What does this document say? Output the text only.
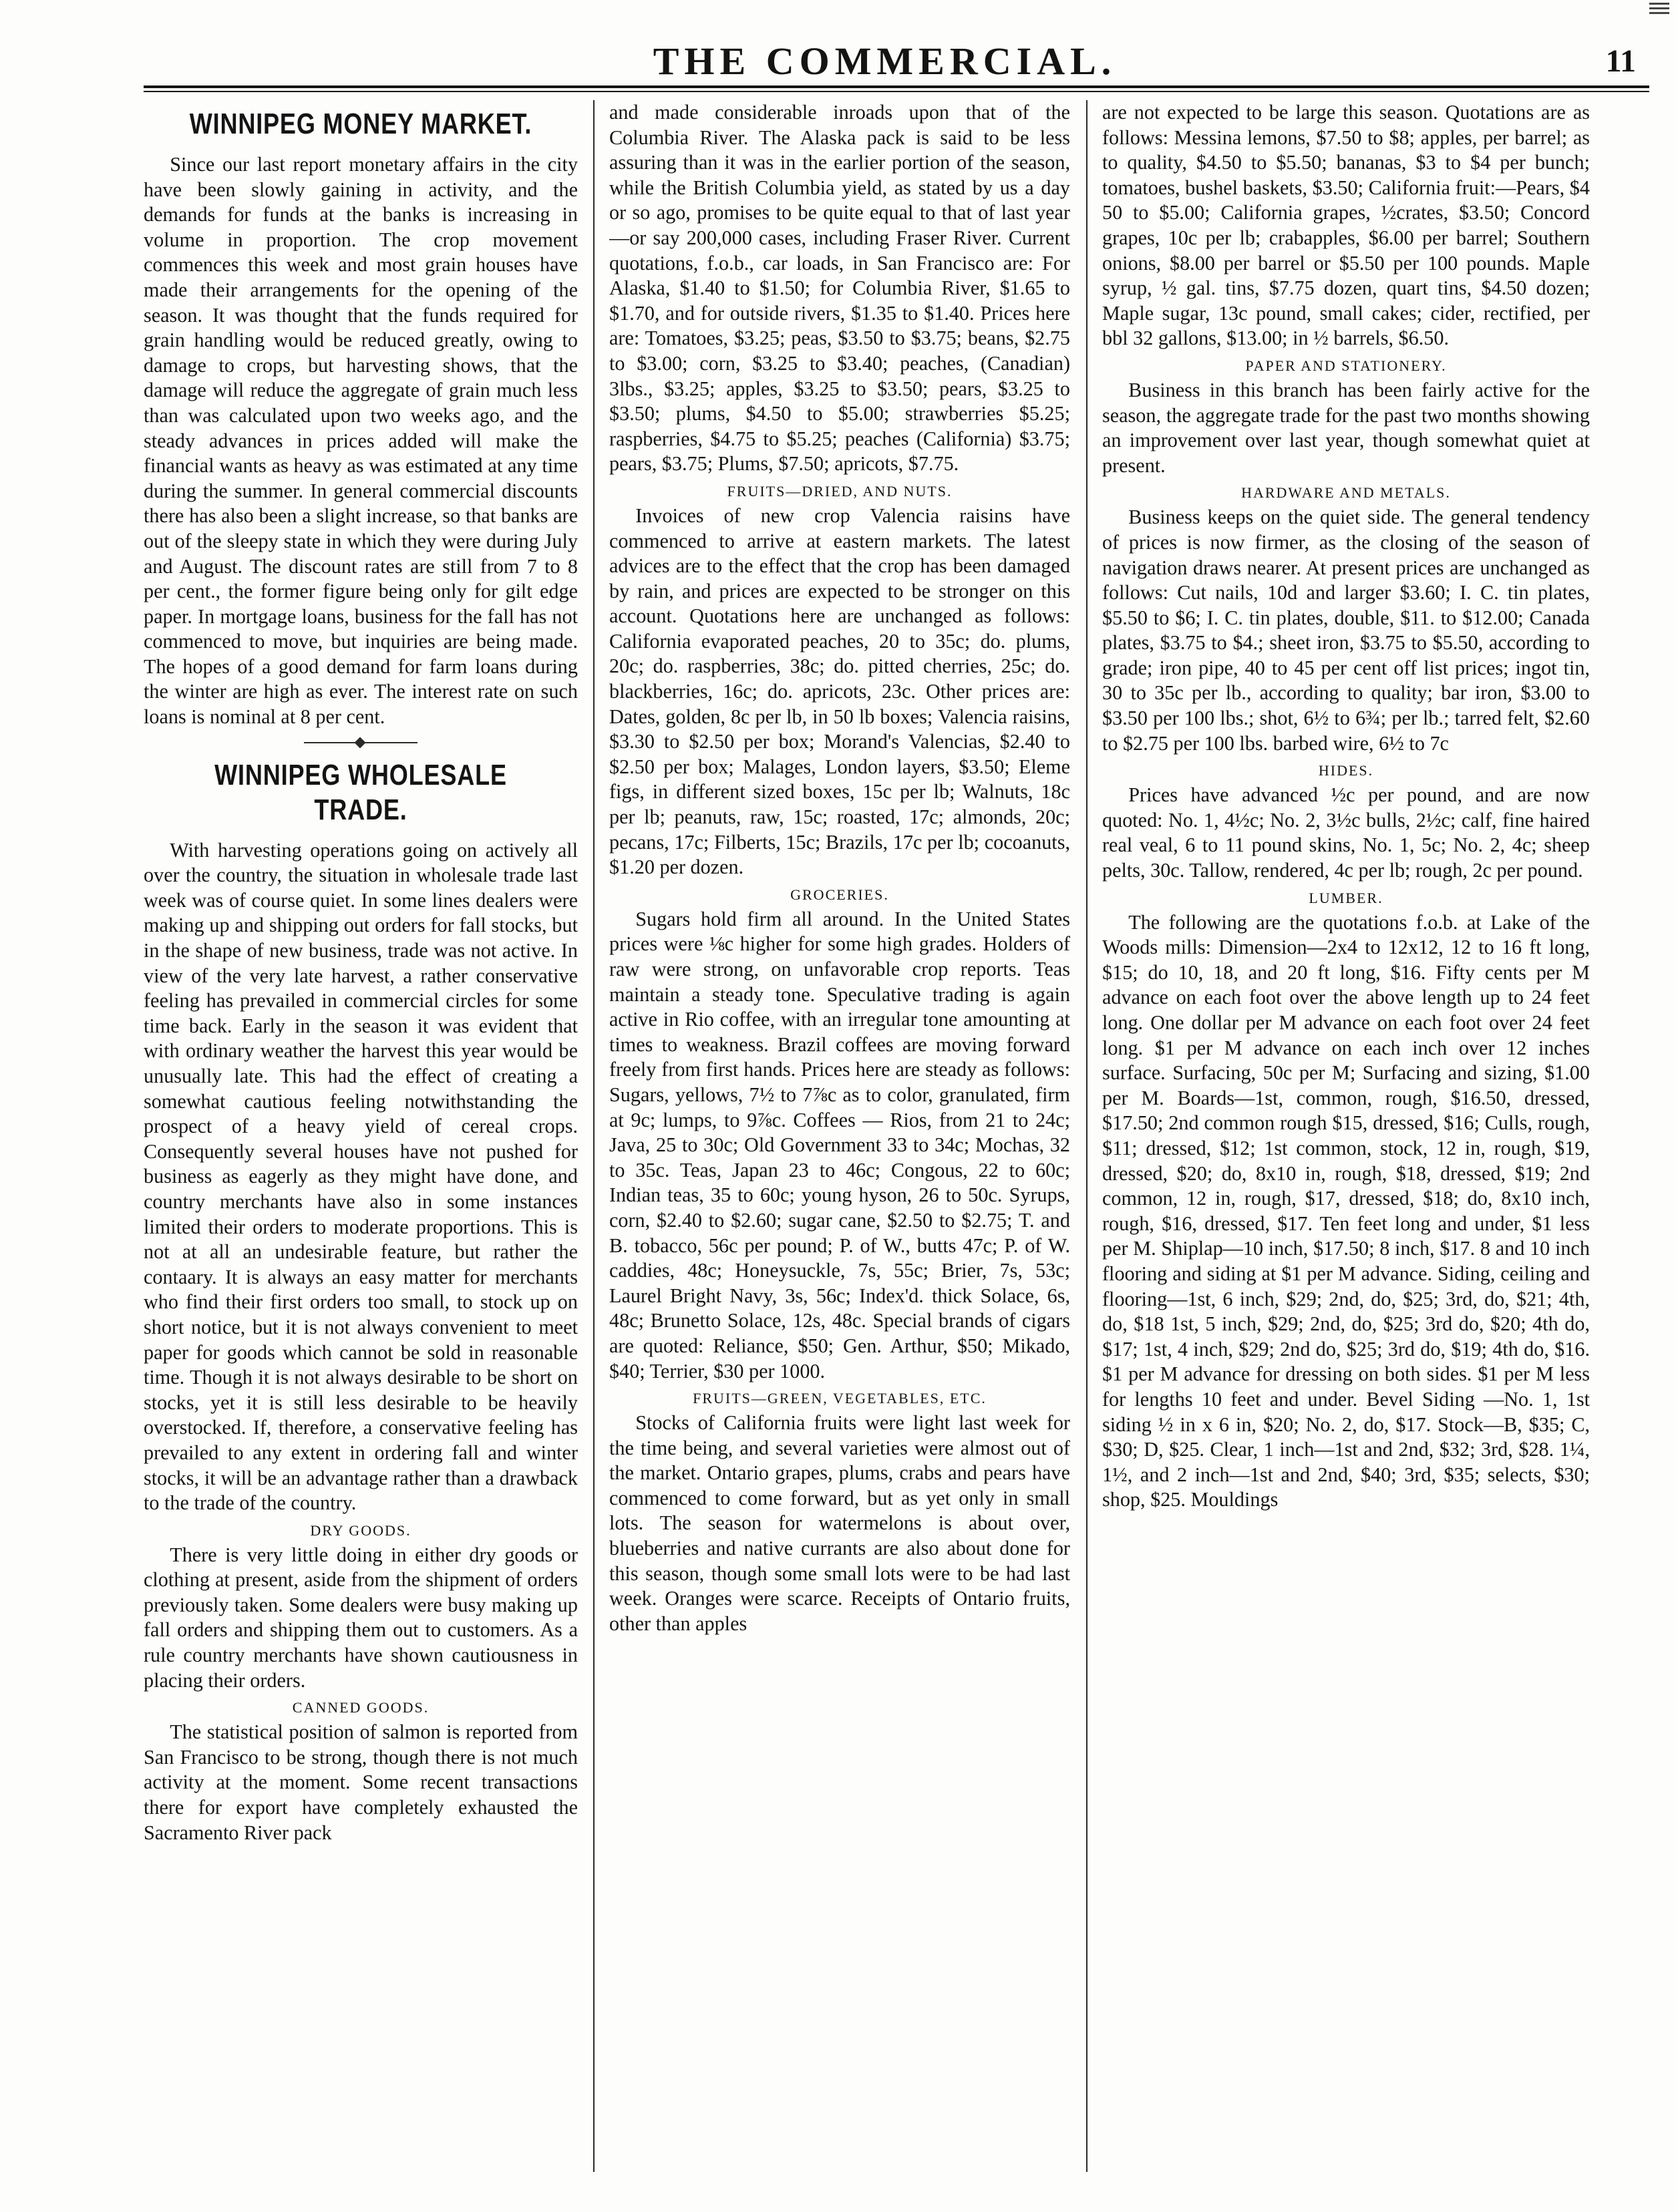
THE COMMERCIAL.	11
WINNIPEG MONEY MARKET.

Since our last report monetary affairs in the city have been slowly gaining in activity, and the demands for funds at the banks is increasing in volume in proportion. The crop movement commences this week and most grain houses have made their arrangements for the opening of the season. It was thought that the funds required for grain handling would be reduced greatly, owing to damage to crops, but harvesting shows, that the damage will reduce the aggregate of grain much less than was calculated upon two weeks ago, and the steady advances in prices added will make the financial wants as heavy as was estimated at any time during the summer. In general commercial discounts there has also been a slight increase, so that banks are out of the sleepy state in which they were during July and August. The discount rates are still from 7 to 8 per cent., the former figure being only for gilt edge paper. In mortgage loans, business for the fall has not commenced to move, but inquiries are being made. The hopes of a good demand for farm loans during the winter are high as ever. The interest rate on such loans is nominal at 8 per cent.

WINNIPEG WHOLESALE TRADE.

With harvesting operations going on actively all over the country, the situation in wholesale trade last week was of course quiet. In some lines dealers were making up and shipping out orders for fall stocks, but in the shape of new business, trade was not active. In view of the very late harvest, a rather conservative feeling has prevailed in commercial circles for some time back. Early in the season it was evident that with ordinary weather the harvest this year would be unusually late. This had the effect of creating a somewhat cautious feeling notwithstanding the prospect of a heavy yield of cereal crops. Consequently several houses have not pushed for business as eagerly as they might have done, and country merchants have also in some instances limited their orders to moderate proportions. This is not at all an undesirable feature, but rather the contaary. It is always an easy matter for merchants who find their first orders too small, to stock up on short notice, but it is not always convenient to meet paper for goods which cannot be sold in reasonable time. Though it is not always desirable to be short on stocks, yet it is still less desirable to be heavily overstocked. If, therefore, a conservative feeling has prevailed to any extent in ordering fall and winter stocks, it will be an advantage rather than a drawback to the trade of the country.

DRY GOODS.

There is very little doing in either dry goods or clothing at present, aside from the shipment of orders previously taken. Some dealers were busy making up fall orders and shipping them out to customers. As a rule country merchants have shown cautiousness in placing their orders.

CANNED GOODS.

The statistical position of salmon is reported from San Francisco to be strong, though there is not much activity at the moment. Some recent transactions there for export have completely exhausted the Sacramento River pack

and made considerable inroads upon that of the Columbia River. The Alaska pack is said to be less assuring than it was in the earlier portion of the season, while the British Columbia yield, as stated by us a day or so ago, promises to be quite equal to that of last year —or say 200,000 cases, including Fraser River. Current quotations, f.o.b., car loads, in San Francisco are: For Alaska, $1.40 to $1.50; for Columbia River, $1.65 to $1.70, and for outside rivers, $1.35 to $1.40. Prices here are: Tomatoes, $3.25; peas, $3.50 to $3.75; beans, $2.75 to $3.00; corn, $3.25 to $3.40; peaches, (Canadian) 3lbs., $3.25; apples, $3.25 to $3.50; pears, $3.25 to $3.50; plums, $4.50 to $5.00; strawberries $5.25; raspberries, $4.75 to $5.25; peaches (California) $3.75; pears, $3.75; Plums, $7.50; apricots, $7.75.

FRUITS—DRIED, AND NUTS.

Invoices of new crop Valencia raisins have commenced to arrive at eastern markets. The latest advices are to the effect that the crop has been damaged by rain, and prices are expected to be stronger on this account. Quotations here are unchanged as follows: California evaporated peaches, 20 to 35c; do. plums, 20c; do. raspberries, 38c; do. pitted cherries, 25c; do. blackberries, 16c; do. apricots, 23c. Other prices are: Dates, golden, 8c per lb, in 50 lb boxes; Valencia raisins, $3.30 to $2.50 per box; Morand's Valencias, $2.40 to $2.50 per box; Malages, London layers, $3.50; Eleme figs, in different sized boxes, 15c per lb; Walnuts, 18c per lb; peanuts, raw, 15c; roasted, 17c; almonds, 20c; pecans, 17c; Filberts, 15c; Brazils, 17c per lb; cocoanuts, $1.20 per dozen.

GROCERIES.

Sugars hold firm all around. In the United States prices were ⅛c higher for some high grades. Holders of raw were strong, on unfavorable crop reports. Teas maintain a steady tone. Speculative trading is again active in Rio coffee, with an irregular tone amounting at times to weakness. Brazil coffees are moving forward freely from first hands. Prices here are steady as follows: Sugars, yellows, 7½ to 7⅞c as to color, granulated, firm at 9c; lumps, to 9⅞c. Coffees — Rios, from 21 to 24c; Java, 25 to 30c; Old Government 33 to 34c; Mochas, 32 to 35c. Teas, Japan 23 to 46c; Congous, 22 to 60c; Indian teas, 35 to 60c; young hyson, 26 to 50c. Syrups, corn, $2.40 to $2.60; sugar cane, $2.50 to $2.75; T. and B. tobacco, 56c per pound; P. of W., butts 47c; P. of W. caddies, 48c; Honeysuckle, 7s, 55c; Brier, 7s, 53c; Laurel Bright Navy, 3s, 56c; Index'd. thick Solace, 6s, 48c; Brunetto Solace, 12s, 48c. Special brands of cigars are quoted: Reliance, $50; Gen. Arthur, $50; Mikado, $40; Terrier, $30 per 1000.

FRUITS—GREEN, VEGETABLES, ETC.

Stocks of California fruits were light last week for the time being, and several varieties were almost out of the market. Ontario grapes, plums, crabs and pears have commenced to come forward, but as yet only in small lots. The season for watermelons is about over, blueberries and native currants are also about done for this season, though some small lots were to be had last week. Oranges were scarce. Receipts of Ontario fruits, other than apples

are not expected to be large this season. Quotations are as follows: Messina lemons, $7.50 to $8; apples, per barrel; as to quality, $4.50 to $5.50; bananas, $3 to $4 per bunch; tomatoes, bushel baskets, $3.50; California fruit:—Pears, $4 50 to $5.00; California grapes, ½crates, $3.50; Concord grapes, 10c per lb; crabapples, $6.00 per barrel; Southern onions, $8.00 per barrel or $5.50 per 100 pounds. Maple syrup, ½ gal. tins, $7.75 dozen, quart tins, $4.50 dozen; Maple sugar, 13c pound, small cakes; cider, rectified, per bbl 32 gallons, $13.00; in ½ barrels, $6.50.

PAPER AND STATIONERY.

Business in this branch has been fairly active for the season, the aggregate trade for the past two months showing an improvement over last year, though somewhat quiet at present.

HARDWARE AND METALS.

Business keeps on the quiet side. The general tendency of prices is now firmer, as the closing of the season of navigation draws nearer. At present prices are unchanged as follows: Cut nails, 10d and larger $3.60; I. C. tin plates, $5.50 to $6; I. C. tin plates, double, $11. to $12.00; Canada plates, $3.75 to $4.; sheet iron, $3.75 to $5.50, according to grade; iron pipe, 40 to 45 per cent off list prices; ingot tin, 30 to 35c per lb., according to quality; bar iron, $3.00 to $3.50 per 100 lbs.; shot, 6½ to 6¾; per lb.; tarred felt, $2.60 to $2.75 per 100 lbs. barbed wire, 6½ to 7c

HIDES.

Prices have advanced ½c per pound, and are now quoted: No. 1, 4½c; No. 2, 3½c bulls, 2½c; calf, fine haired real veal, 6 to 11 pound skins, No. 1, 5c; No. 2, 4c; sheep pelts, 30c. Tallow, rendered, 4c per lb; rough, 2c per pound.

LUMBER.

The following are the quotations f.o.b. at Lake of the Woods mills: Dimension—2x4 to 12x12, 12 to 16 ft long, $15; do 10, 18, and 20 ft long, $16. Fifty cents per M advance on each foot over the above length up to 24 feet long. One dollar per M advance on each foot over 24 feet long. $1 per M advance on each inch over 12 inches surface. Surfacing, 50c per M; Surfacing and sizing, $1.00 per M. Boards—1st, common, rough, $16.50, dressed, $17.50; 2nd common rough $15, dressed, $16; Culls, rough, $11; dressed, $12; 1st common, stock, 12 in, rough, $19, dressed, $20; do, 8x10 in, rough, $18, dressed, $19; 2nd common, 12 in, rough, $17, dressed, $18; do, 8x10 inch, rough, $16, dressed, $17. Ten feet long and under, $1 less per M. Shiplap—10 inch, $17.50; 8 inch, $17. 8 and 10 inch flooring and siding at $1 per M advance. Siding, ceiling and flooring—1st, 6 inch, $29; 2nd, do, $25; 3rd, do, $21; 4th, do, $18 1st, 5 inch, $29; 2nd, do, $25; 3rd do, $20; 4th do, $17; 1st, 4 inch, $29; 2nd do, $25; 3rd do, $19; 4th do, $16. $1 per M advance for dressing on both sides. $1 per M less for lengths 10 feet and under. Bevel Siding —No. 1, 1st siding ½ in x 6 in, $20; No. 2, do, $17. Stock—B, $35; C, $30; D, $25. Clear, 1 inch—1st and 2nd, $32; 3rd, $28. 1¼, 1½, and 2 inch—1st and 2nd, $40; 3rd, $35; selects, $30; shop, $25. Mouldings
